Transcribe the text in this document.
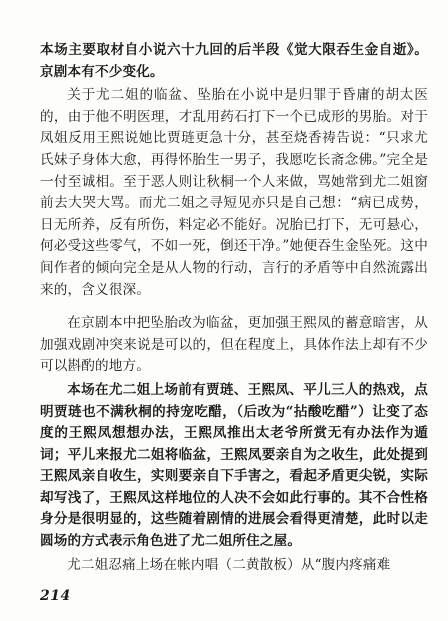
本场主要取材自小说六十九回的后半段《觉大限吞生金自逝》。京剧本有不少变化。

关于尤二姐的临盆、坠胎在小说中是归罪于昏庸的胡太医的，由于他不明医理，才乱用药石打下一个已成形的男胎。对于凤姐反用王熙说她比贾琏更急十分，甚至烧香祷告说：“只求尤氏妹子身体大愈，再得怀胎生一男子，我愿吃长斋念佛。”完全是一付至诚相。至于恶人则让秋桐一个人来做，骂她常到尤二姐窗前去大哭大骂。而尤二姐之寻短见亦只是自己想：“病已成势，日无所养，反有所伤，料定必不能好。况胎已打下，无可悬心，何必受这些零气，不如一死，倒还干净。”她便吞生金坠死。这中间作者的倾向完全是从人物的行动，言行的矛盾等中自然流露出来的，含义很深。

在京剧本中把坠胎改为临盆，更加强王熙凤的蓄意暗害，从加强戏剧冲突来说是可以的，但在程度上，具体作法上却有不少可以斟酌的地方。

本场在尤二姐上场前有贾琏、王熙凤、平儿三人的热戏，点明贾琏也不满秋桐的持宠吃醋，（后改为“拈酸吃醋”）让变了态度的王熙凤想想办法，王熙凤推出太老爷所赏无有办法作为遁词；平儿来报尤二姐将临盆，王熙凤要亲自为之收生，此处提到王熙凤亲自收生，实则要亲自下手害之，看起矛盾更尖锐，实际却写浅了，王熙凤这样地位的人决不会如此行事的。其不合性格身分是很明显的，这些随着剧情的进展会看得更清楚，此时以走圆场的方式表示角色进了尤二姐所住之屋。

尤二姐忍痛上场在帐内唱（二黄散板）从“腹内疼痛难

214
